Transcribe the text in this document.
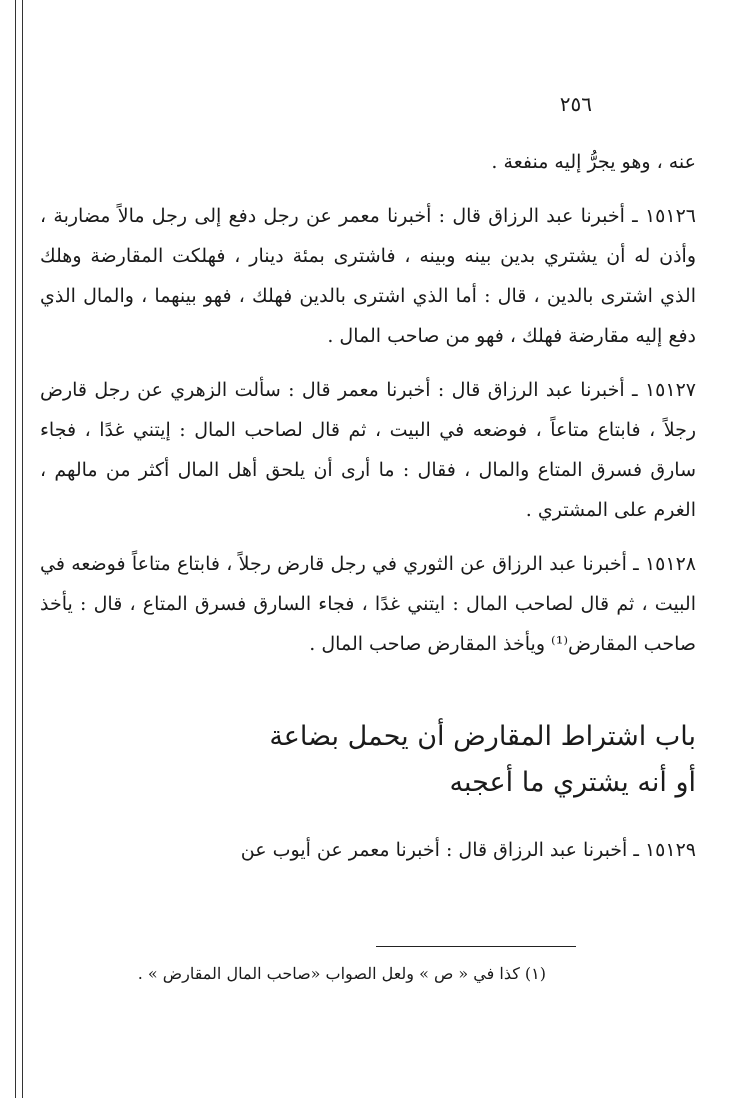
٢٥٦

عنه ، وهو يجرُّ إليه منفعة .

١٥١٢٦ ـ أخبرنا عبد الرزاق قال : أخبرنا معمر عن رجل دفع إلى رجل مالاً مضاربة ، وأذن له أن يشتري بدين بينه وبينه ، فاشترى بمئة دينار ، فهلكت المقارضة وهلك الذي اشترى بالدين ، قال : أما الذي اشترى بالدين فهلك ، فهو بينهما ، والمال الذي دفع إليه مقارضة فهلك ، فهو من صاحب المال .

١٥١٢٧ ـ أخبرنا عبد الرزاق قال : أخبرنا معمر قال : سألت الزهري عن رجل قارض رجلاً ، فابتاع متاعاً ، فوضعه في البيت ، ثم قال لصاحب المال : إيتني غدًا ، فجاء سارق فسرق المتاع والمال ، فقال : ما أرى أن يلحق أهل المال أكثر من مالهم ، الغرم على المشتري .

١٥١٢٨ ـ أخبرنا عبد الرزاق عن الثوري في رجل قارض رجلاً ، فابتاع متاعاً فوضعه في البيت ، ثم قال لصاحب المال : ايتني غدًا ، فجاء السارق فسرق المتاع ، قال : يأخذ صاحب المقارض⁽¹⁾ ويأخذ المقارض صاحب المال .

باب اشتراط المقارض أن يحمل بضاعة
أو أنه يشتري ما أعجبه

١٥١٢٩ ـ أخبرنا عبد الرزاق قال : أخبرنا معمر عن أيوب عن

(١) كذا في « ص » ولعل الصواب «صاحب المال المقارض » .
